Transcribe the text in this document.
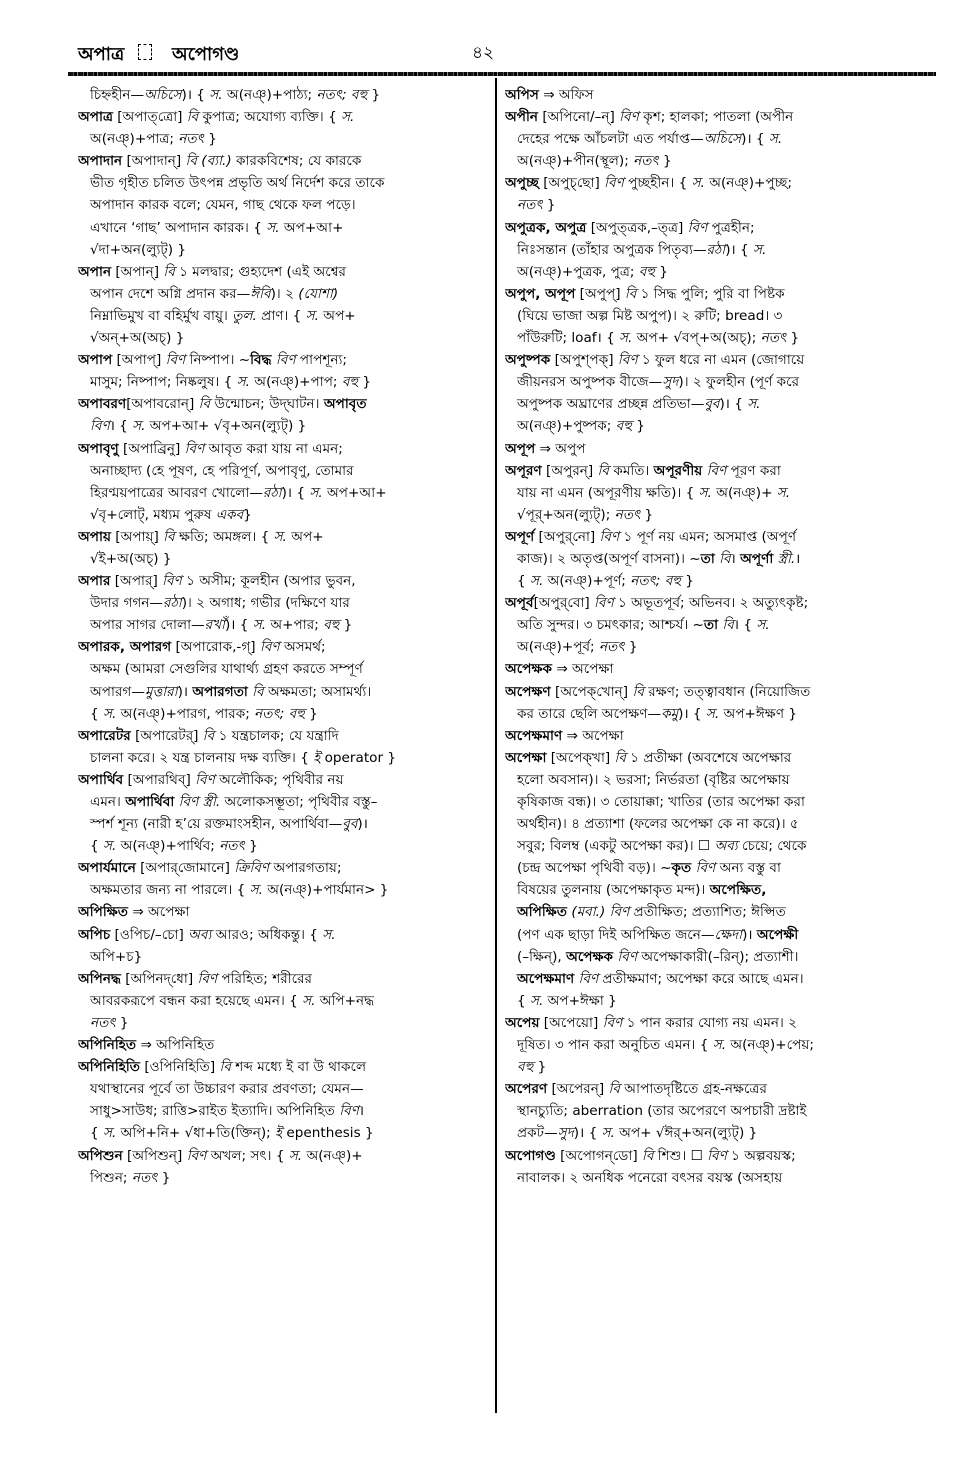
অপাত্র	অপোগণ্ড	৪২
চিহ্নহীন—অচিসে)। { স. অ(নঞ্‌)+পাঠ্য; নতৎ; বহু }
অপাত্র [অপাত্‌ত্রো] বি কুপাত্র; অযোগ্য ব্যক্তি। { স.
অ(নঞ্‌)+পাত্র; নতৎ }
অপাদান [অপাদান্‌] বি (ব্যা.) কারকবিশেষ; যে কারকে
ভীত গৃহীত চলিত উৎপন্ন প্রভৃতি অর্থ নির্দেশ করে তাকে
অপাদান কারক বলে; যেমন, গাছ থেকে ফল পড়ে।
এখানে ‘গাছ’ অপাদান কারক। { স. অপ+আ+
√দা+অন(ল্যুট্‌) }
অপান [অপান্‌] বি ১ মলদ্বার; গুহ্যদেশ (এই অশ্বের
অপান দেশে অগ্নি প্রদান কর—ঈবি)। ২ (যোশা)
নিম্নাভিমুখ বা বহির্মুখ বায়ু। তুল. প্রাণ। { স. অপ+
√অন্‌+অ(অচ্‌) }
অপাপ [অপাপ্‌] বিণ নিষ্পাপ। ~বিদ্ধ বিণ পাপশূন্য;
মাসুম; নিষ্পাপ; নিষ্কলুষ। { স. অ(নঞ্‌)+পাপ; বহু }
অপাবরণ[অপাবরোন্‌] বি উন্মোচন; উদ্‌ঘাটন। অপাবৃত
বিণ। { স. অপ+আ+ √বৃ+অন(ল্যুট্‌) }
অপাবৃণু [অপাব্রিনু] বিণ আবৃত করা যায় না এমন;
অনাচ্ছাদ্য (হে পূষণ, হে পরিপূর্ণ, অপাবৃণু, তোমার
হিরণ্ময়পাত্রের আবরণ খোলো—রঠা)। { স. অপ+আ+
√বৃ+লোট্‌, মধ্যম পুরুষ একব}
অপায় [অপায়্‌] বি ক্ষতি; অমঙ্গল। { স. অপ+
√ই+অ(অচ্‌) }
অপার [অপার্‌] বিণ ১ অসীম; কূলহীন (অপার ভুবন,
উদার গগন—রঠা)। ২ অগাধ; গভীর (দক্ষিণে যার
অপার সাগর দোলা—রখাঁ)। { স. অ+পার; বহু }
অপারক, অপারগ [অপারোক,-গ্‌] বিণ অসমর্থ;
অক্ষম (আমরা সেগুলির যাথার্থ্য গ্রহণ করতে সম্পূর্ণ
অপারগ—মুত্তারা)। অপারগতা বি অক্ষমতা; অসামর্থ্য।
{ স. অ(নঞ্‌)+পারগ, পারক; নতৎ; বহু }
অপারেটর [অপারেটর্‌] বি ১ যন্ত্রচালক; যে যন্ত্রাদি
চালনা করে। ২ যন্ত্র চালনায় দক্ষ ব্যক্তি। { ই operator }
অপার্থিব [অপারথিব্‌] বিণ অলৌকিক; পৃথিবীর নয়
এমন। অপার্থিবা বিণ স্ত্রী. অলোকসম্ভূতা; পৃথিবীর বস্তু–
স্পর্শ শূন্য (নারী হ’য়ে রক্তমাংসহীন, অপার্থিবা—বুব)।
{ স. অ(নঞ্‌)+পার্থিব; নতৎ }
অপার্যমানে [অপার্‌জোমানে] ক্রিবিণ অপারগতায়;
অক্ষমতার জন্য না পারলে। { স. অ(নঞ্‌)+পার্যমান> }
অপিক্ষিত ⇒ অপেক্ষা
অপিচ [ওপিচ/–চো] অব্য আরও; অধিকন্তু। { স.
অপি+চ}
অপিনদ্ধ [অপিনদ্‌ধো] বিণ পরিহিত; শরীরের
আবরকরূপে বন্ধন করা হয়েছে এমন। { স. অপি+নদ্ধ
নতৎ }
অপিনিহিত ⇒ অপিনিহিত
অপিনিহিতি [ওপিনিহিতি] বি শব্দ মধ্যে ই বা উ থাকলে
যথাস্থানের পূর্বে তা উচ্চারণ করার প্রবণতা; যেমন—
সাধু>সাউধ; রাত্তি>রাইত ইত্যাদি। অপিনিহিত বিণ।
{ স. অপি+নি+ √ধা+তি(ক্তিন্‌); ই epenthesis }
অপিশুন [অপিশুন্‌] বিণ অখল; সৎ। { স. অ(নঞ্‌)+
পিশুন; নতৎ }
অপিস ⇒ অফিস
অপীন [অপিনো/–ন্‌] বিণ কৃশ; হালকা; পাতলা (অপীন
দেহের পক্ষে আঁচলটা এত পর্যাপ্ত—অচিসে)। { স.
অ(নঞ্‌)+পীন(স্থূল); নতৎ }
অপুচ্ছ [অপুচ্‌ছো] বিণ পুচ্ছহীন। { স. অ(নঞ্‌)+পুচ্ছ;
নতৎ }
অপুত্রক, অপুত্র [অপুত্‌ত্রক,–ত্‌ত্র] বিণ পুত্রহীন;
নিঃসন্তান (তাঁহার অপুত্রক পিতৃব্য—রঠা)। { স.
অ(নঞ্‌)+পুত্রক, পুত্র; বহু }
অপুপ, অপূপ [অপুপ্‌] বি ১ সিদ্ধ পুলি; পুরি বা পিষ্টক
(ঘিয়ে ভাজা অল্প মিষ্ট অপুপ)। ২ রুটি; bread। ৩
পাঁউরুটি; loaf। { স. অপ+ √বপ্‌+অ(অচ্‌); নতৎ }
অপুষ্পক [অপুশ্‌পক্‌] বিণ ১ ফুল ধরে না এমন (জোগায়ে
জীয়নরস অপুষ্পক বীজে—সুদ)। ২ ফুলহীন (পূর্ণ করে
অপুষ্পক অঘ্রাণের প্রচ্ছন্ন প্রতিভা—বুব)। { স.
অ(নঞ্‌)+পুষ্পক; বহু }
অপূপ ⇒ অপুপ
অপূরণ [অপুরন্‌] বি কমতি। অপূরণীয় বিণ পূরণ করা
যায় না এমন (অপূরণীয় ক্ষতি)। { স. অ(নঞ্‌)+ স.
√পূর্‌+অন(ল্যুট্‌); নতৎ }
অপূর্ণ [অপুর্‌নো] বিণ ১ পূর্ণ নয় এমন; অসমাপ্ত (অপূর্ণ
কাজ)। ২ অতৃপ্ত(অপূর্ণ বাসনা)। ~তা বি। অপূর্ণা স্ত্রী.।
{ স. অ(নঞ্‌)+পূর্ণ; নতৎ; বহু }
অপূর্ব[অপুর্‌বো] বিণ ১ অভূতপূর্ব; অভিনব। ২ অত্যুৎকৃষ্ট;
অতি সুন্দর। ৩ চমৎকার; আশ্চর্য। ~তা বি। { স.
অ(নঞ্‌)+পূর্ব; নতৎ }
অপেক্ষক ⇒ অপেক্ষা
অপেক্ষণ [অপেক্‌খোন্‌] বি রক্ষণ; তত্ত্বাবধান (নিয়োজিত
কর তারে ছেলি অপেক্ষণ—কমু)। { স. অপ+ঈক্ষণ }
অপেক্ষমাণ ⇒ অপেক্ষা
অপেক্ষা [অপেক্‌খা] বি ১ প্রতীক্ষা (অবশেষে অপেক্ষার
হলো অবসান)। ২ ভরসা; নির্ভরতা (বৃষ্টির অপেক্ষায়
কৃষিকাজ বন্ধ)। ৩ তোয়াক্কা; খাতির (তার অপেক্ষা করা
অর্থহীন)। ৪ প্রত্যাশা (ফলের অপেক্ষা কে না করে)। ৫
সবুর; বিলম্ব (একটু অপেক্ষা কর)। ☐ অব্য চেয়ে; থেকে
(চন্দ্র অপেক্ষা পৃথিবী বড়)। ~কৃত বিণ অন্য বস্তু বা
বিষয়ের তুলনায় (অপেক্ষাকৃত মন্দ)। অপেক্ষিত,
অপিক্ষিত (মবা.) বিণ প্রতীক্ষিত; প্রত্যাশিত; ঈপ্সিত
(পণ এক ছাড়া দিই অপিক্ষিত জনে—ক্ষেদা)। অপেক্ষী
(–ক্ষিন্‌), অপেক্ষক বিণ অপেক্ষাকারী(–রিন্‌); প্রত্যাশী।
অপেক্ষমাণ বিণ প্রতীক্ষমাণ; অপেক্ষা করে আছে এমন।
{ স. অপ+ঈক্ষা }
অপেয় [অপেয়ো] বিণ ১ পান করার যোগ্য নয় এমন। ২
দূষিত। ৩ পান করা অনুচিত এমন। { স. অ(নঞ্‌)+পেয়;
বহু }
অপেরণ [অপেরন্‌] বি আপাতদৃষ্টিতে গ্রহ-নক্ষত্রের
স্থানচ্যুতি; aberration (তার অপেরণে অপচারী দ্রষ্টাই
প্রকট—সুদ)। { স. অপ+ √ঈর্‌+অন(ল্যুট্‌) }
অপোগণ্ড [অপোগন্‌ডো] বি শিশু। ☐ বিণ ১ অল্পবয়স্ক;
নাবালক। ২ অনধিক পনেরো বৎসর বয়স্ক (অসহায়
